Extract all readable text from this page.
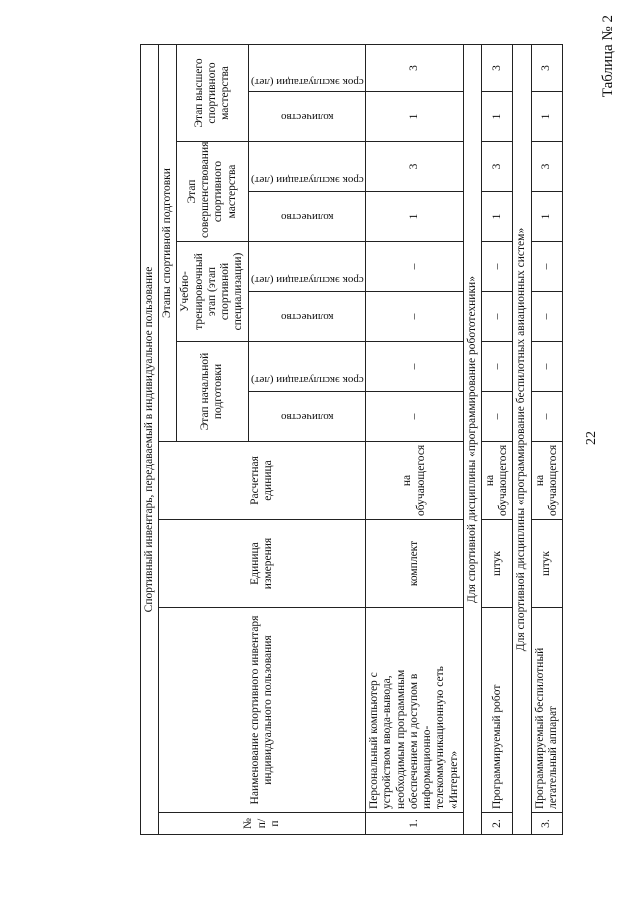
22
Таблица № 2
Спортивный инвентарь, передаваемый в индивидуальное пользование											
№ п/п	Наименование спортивного инвентаря индивидуального пользования	Единица измерения	Расчетная единица	Этапы спортивной подготовки							
				Этап начальной подготовки		Учебно-тренировочный этап (этап спортивной специализации)		Этап совершенствования спортивного мастерства		Этап высшего спортивного мастерства	

				количество	срок эксплуатации (лет)	количество	срок эксплуатации (лет)	количество	срок эксплуатации (лет)	количество	срок эксплуатации (лет)

1.	Персональный компьютер с устройством ввода-вывода, необходимым программным обеспечением и доступом в информационно-телекоммуникационную сеть «Интернет»	комплект	на обучающегося	–	–	–	–	1	3	1	3
Для спортивной дисциплины «программирование робототехники»											
2.	Программируемый робот	штук	на обучающегося	–	–	–	–	1	3	1	3
Для спортивной дисциплины «программирование беспилотных авиационных систем»											
3.	Программируемый беспилотный летательный аппарат	штук	на обучающегося	–	–	–	–	1	3	1	3
